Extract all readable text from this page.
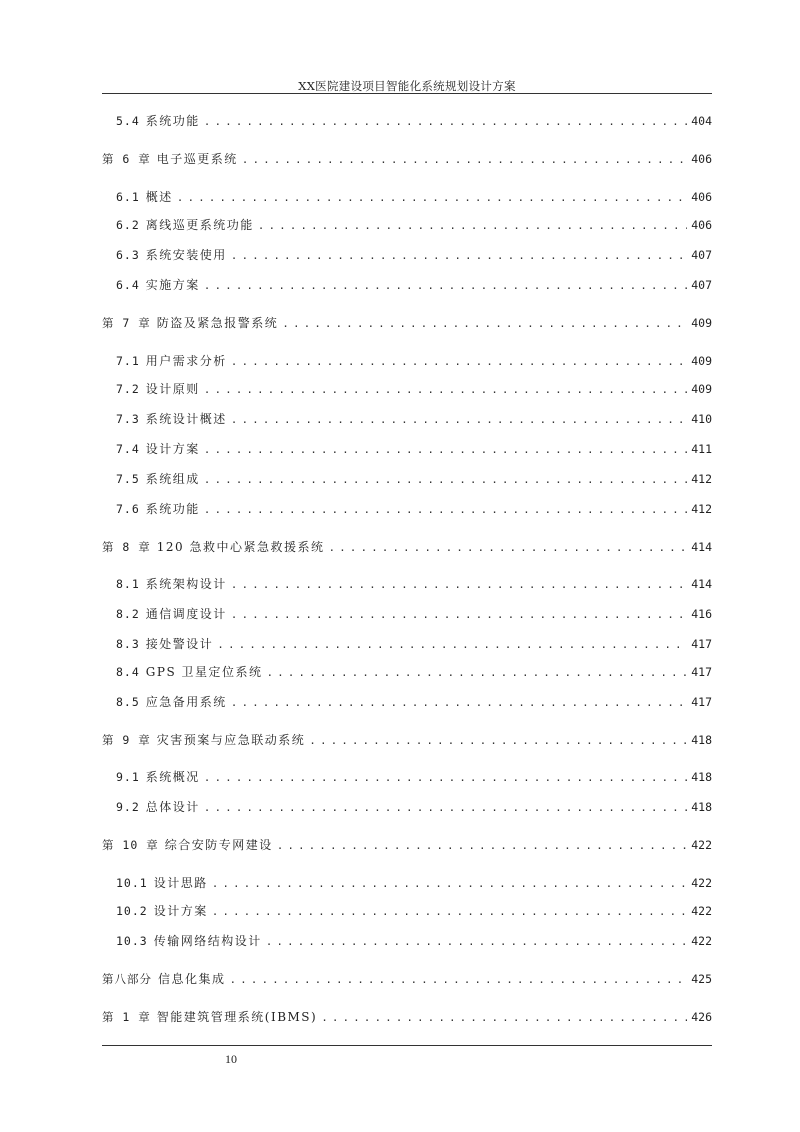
XX医院建设项目智能化系统规划设计方案
5.4 系统功能 . . .	404
第 6 章 电子巡更系统 . . .	406
6.1 概述 . . .	406
6.2 离线巡更系统功能 . . .	406
6.3 系统安装使用 . . .	407
6.4 实施方案 . . .	407
第 7 章 防盗及紧急报警系统 . . .	409
7.1 用户需求分析 . . .	409
7.2 设计原则 . . .	409
7.3 系统设计概述 . . .	410
7.4 设计方案 . . .	411
7.5 系统组成 . . .	412
7.6 系统功能 . . .	412
第 8 章 120 急救中心紧急救援系统 . . .	414
8.1 系统架构设计 . . .	414
8.2 通信调度设计 . . .	416
8.3 接处警设计 . . .	417
8.4 GPS 卫星定位系统 . . .	417
8.5 应急备用系统 . . .	417
第 9 章 灾害预案与应急联动系统 . . .	418
9.1 系统概况 . . .	418
9.2 总体设计 . . .	418
第 10 章 综合安防专网建设 . . .	422
10.1 设计思路 . . .	422
10.2 设计方案 . . .	422
10.3 传输网络结构设计 . . .	422
第八部分 信息化集成 . . .	425
第 1 章 智能建筑管理系统(IBMS) . . .	426
10
